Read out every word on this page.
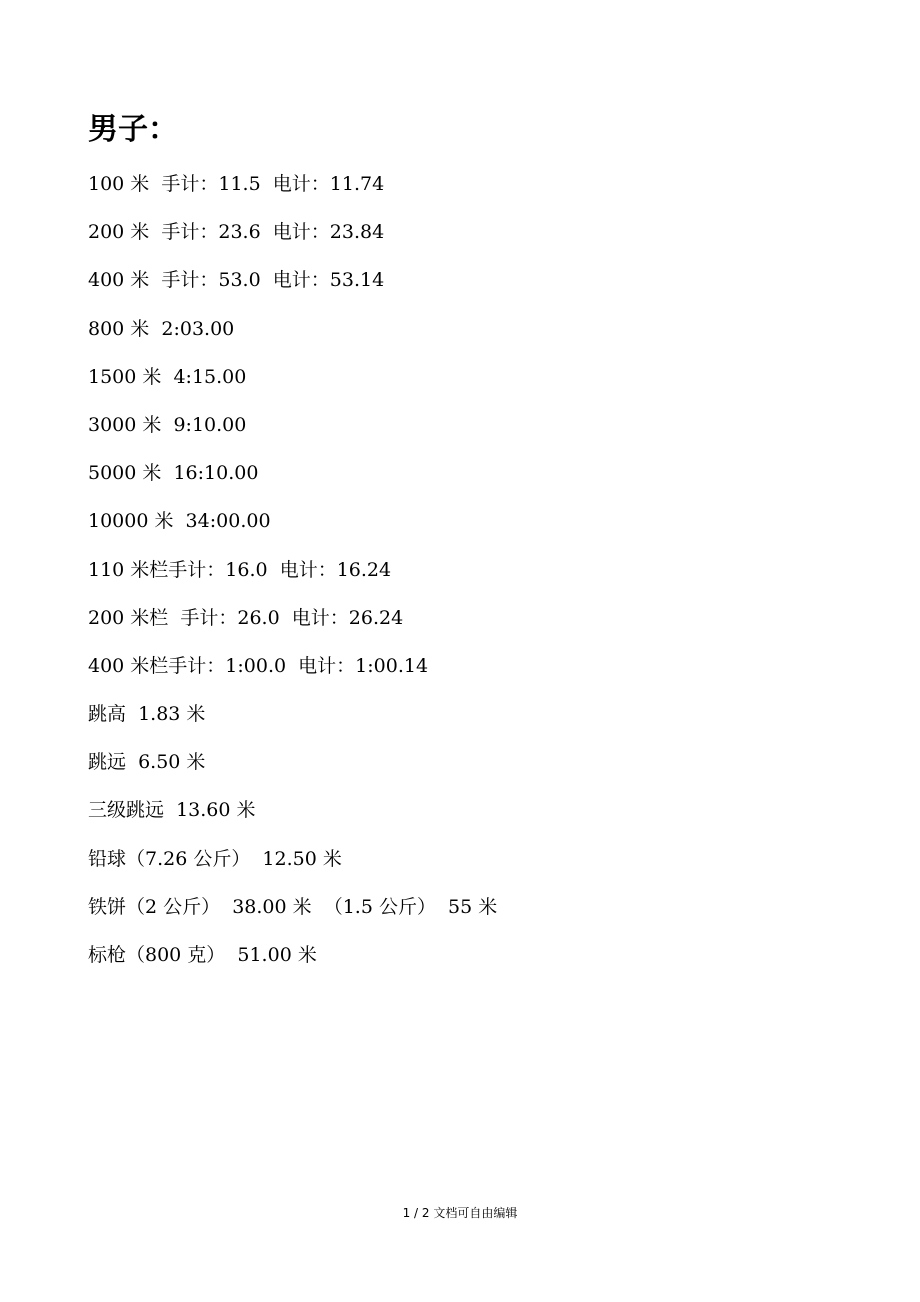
男子：
100 米  手计：11.5  电计：11.74
200 米  手计：23.6  电计：23.84
400 米  手计：53.0  电计：53.14
800 米  2:03.00
1500 米  4:15.00
3000 米  9:10.00
5000 米  16:10.00
10000 米  34:00.00
110 米栏手计：16.0  电计：16.24
200 米栏  手计：26.0  电计：26.24
400 米栏手计：1:00.0  电计：1:00.14
跳高  1.83 米
跳远  6.50 米
三级跳远  13.60 米
铅球（7.26 公斤）  12.50 米
铁饼（2 公斤）  38.00 米  （1.5 公斤）  55 米
标枪（800 克）  51.00 米
1 / 2 文档可自由编辑
